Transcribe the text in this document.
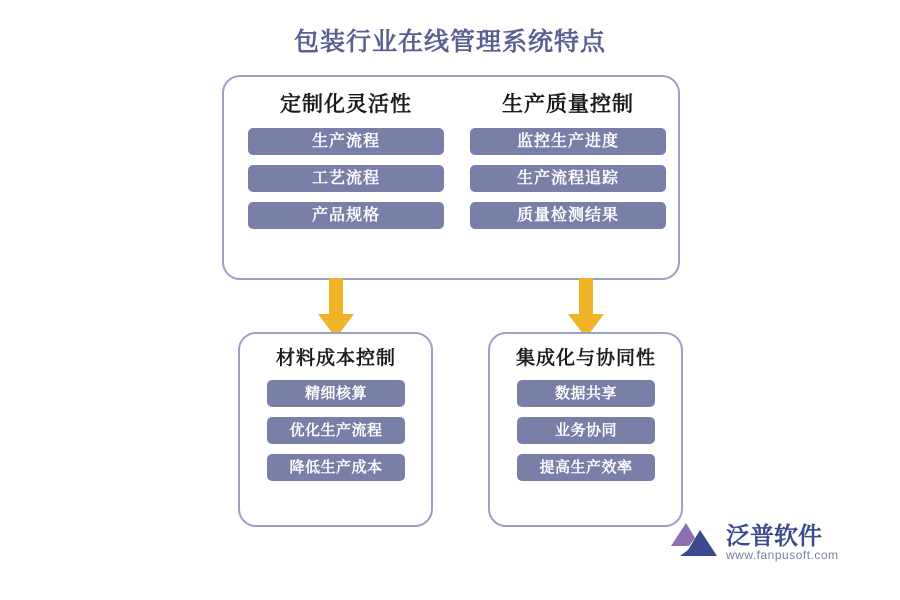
包装行业在线管理系统特点
定制化灵活性
生产流程
工艺流程
产品规格
生产质量控制
监控生产进度
生产流程追踪
质量检测结果
材料成本控制
精细核算
优化生产流程
降低生产成本
集成化与协同性
数据共享
业务协同
提高生产效率
泛普软件
www.fanpusoft.com
